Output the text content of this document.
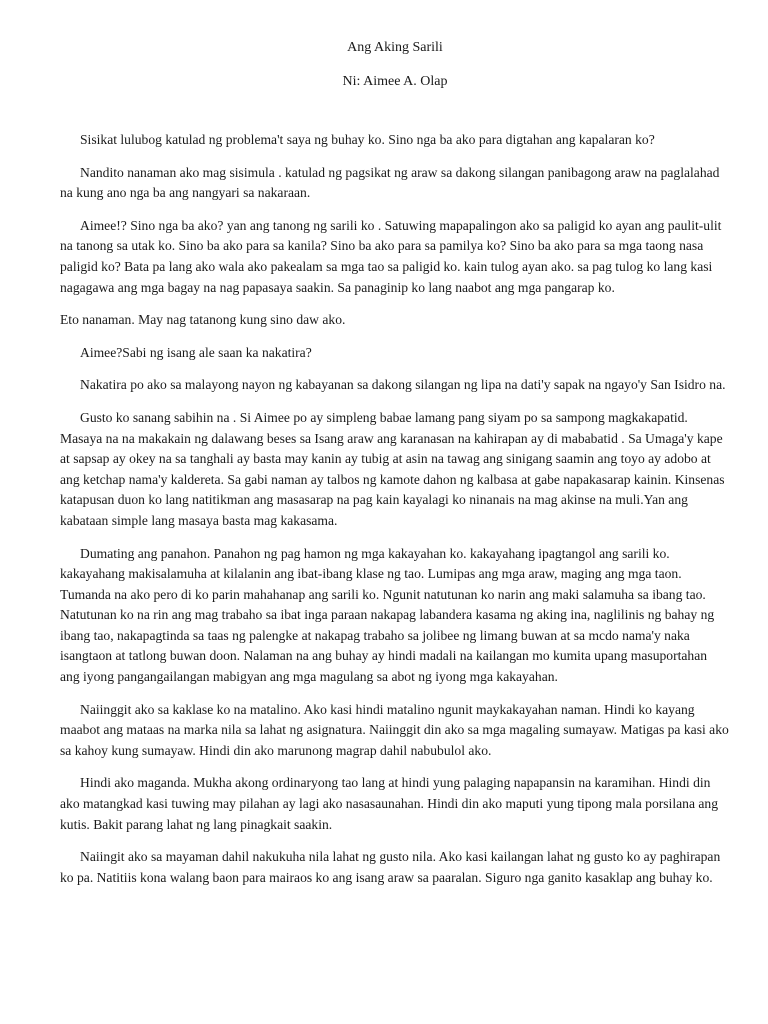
Ang Aking Sarili
Ni: Aimee A. Olap

Sisikat lulubog katulad ng problema't saya ng buhay ko. Sino nga ba ako para digtahan ang kapalaran ko?

Nandito nanaman ako mag sisimula . katulad ng pagsikat ng araw sa dakong silangan panibagong araw na paglalahad na kung ano nga ba ang nangyari sa nakaraan.

Aimee!? Sino nga ba ako? yan ang tanong ng sarili ko . Satuwing mapapalingon ako sa paligid ko ayan ang paulit-ulit na tanong sa utak ko. Sino ba ako para sa kanila? Sino ba ako para sa pamilya ko? Sino ba ako para sa mga taong nasa paligid ko? Bata pa lang ako wala ako pakealam sa mga tao sa paligid ko. kain tulog ayan ako. sa pag tulog ko lang kasi nagagawa ang mga bagay na nag papasaya saakin. Sa panaginip ko lang naabot ang mga pangarap ko.

Eto nanaman. May nag tatanong kung sino daw ako.

Aimee?Sabi ng isang ale saan ka nakatira?

Nakatira po ako sa malayong nayon ng kabayanan sa dakong silangan ng lipa na dati'y sapak na ngayo'y San Isidro na.

Gusto ko sanang sabihin na . Si Aimee po ay simpleng babae lamang pang siyam po sa sampong magkakapatid. Masaya na na makakain ng dalawang beses sa Isang araw ang karanasan na kahirapan ay di mababatid . Sa Umaga'y kape at sapsap ay okey na sa tanghali ay basta may kanin ay tubig at asin na tawag ang sinigang saamin ang toyo ay adobo at ang ketchap nama'y kaldereta. Sa gabi naman ay talbos ng kamote dahon ng kalbasa at gabe napakasarap kainin. Kinsenas katapusan duon ko lang natitikman ang masasarap na pag kain kayalagi ko ninanais na mag akinse na muli.Yan ang kabataan simple lang masaya basta mag kakasama.

Dumating ang panahon. Panahon ng pag hamon ng mga kakayahan ko. kakayahang ipagtangol ang sarili ko. kakayahang makisalamuha at kilalanin ang ibat-ibang klase ng tao. Lumipas ang mga araw, maging ang mga taon. Tumanda na ako pero di ko parin mahahanap ang sarili ko. Ngunit natutunan ko narin ang maki salamuha sa ibang tao. Natutunan ko na rin ang mag trabaho sa ibat inga paraan nakapag labandera kasama ng aking ina, naglilinis ng bahay ng ibang tao, nakapagtinda sa taas ng palengke at nakapag trabaho sa jolibee ng limang buwan at sa mcdo nama'y naka isangtaon at tatlong buwan doon. Nalaman na ang buhay ay hindi madali na kailangan mo kumita upang masuportahan ang iyong pangangailangan mabigyan ang mga magulang sa abot ng iyong mga kakayahan.

Naiinggit ako sa kaklase ko na matalino. Ako kasi hindi matalino ngunit maykakayahan naman. Hindi ko kayang maabot ang mataas na marka nila sa lahat ng asignatura. Naiinggit din ako sa mga magaling sumayaw. Matigas pa kasi ako sa kahoy kung sumayaw. Hindi din ako marunong magrap dahil nabubulol ako.

Hindi ako maganda. Mukha akong ordinaryong tao lang at hindi yung palaging napapansin na karamihan. Hindi din ako matangkad kasi tuwing may pilahan ay lagi ako nasasaunahan. Hindi din ako maputi yung tipong mala porsilana ang kutis. Bakit parang lahat ng lang pinagkait saakin.

Naiingit ako sa mayaman dahil nakukuha nila lahat ng gusto nila. Ako kasi kailangan lahat ng gusto ko ay paghirapan ko pa. Natitiis kona walang baon para mairaos ko ang isang araw sa paaralan. Siguro nga ganito kasaklap ang buhay ko.
